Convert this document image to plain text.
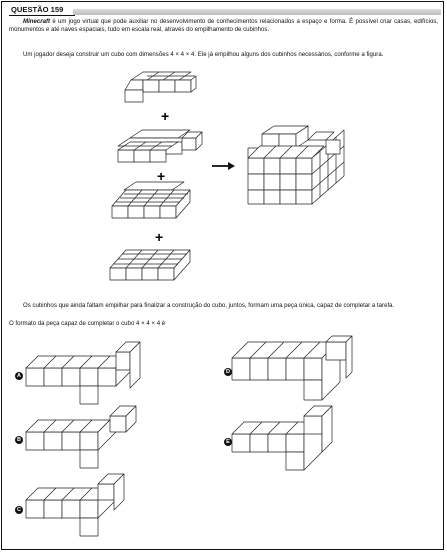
QUESTÃO 159
Minecraft é um jogo virtual que pode auxiliar no desenvolvimento de conhecimentos relacionados a espaço e forma. É possível criar casas, edifícios, monumentos e até naves espaciais, tudo em escala real, através do empilhamento de cubinhos.
Um jogador deseja construir um cubo com dimensões 4 × 4 × 4. Ele já empilhou alguns dos cubinhos necessários, conforme a figura.
Os cubinhos que ainda faltam empilhar para finalizar a construção do cubo, juntos, formam uma peça única, capaz de completar a tarefa.
O formato da peça capaz de completar o cubo 4 × 4 × 4 é
+
+
+
A
B
C
D
E
